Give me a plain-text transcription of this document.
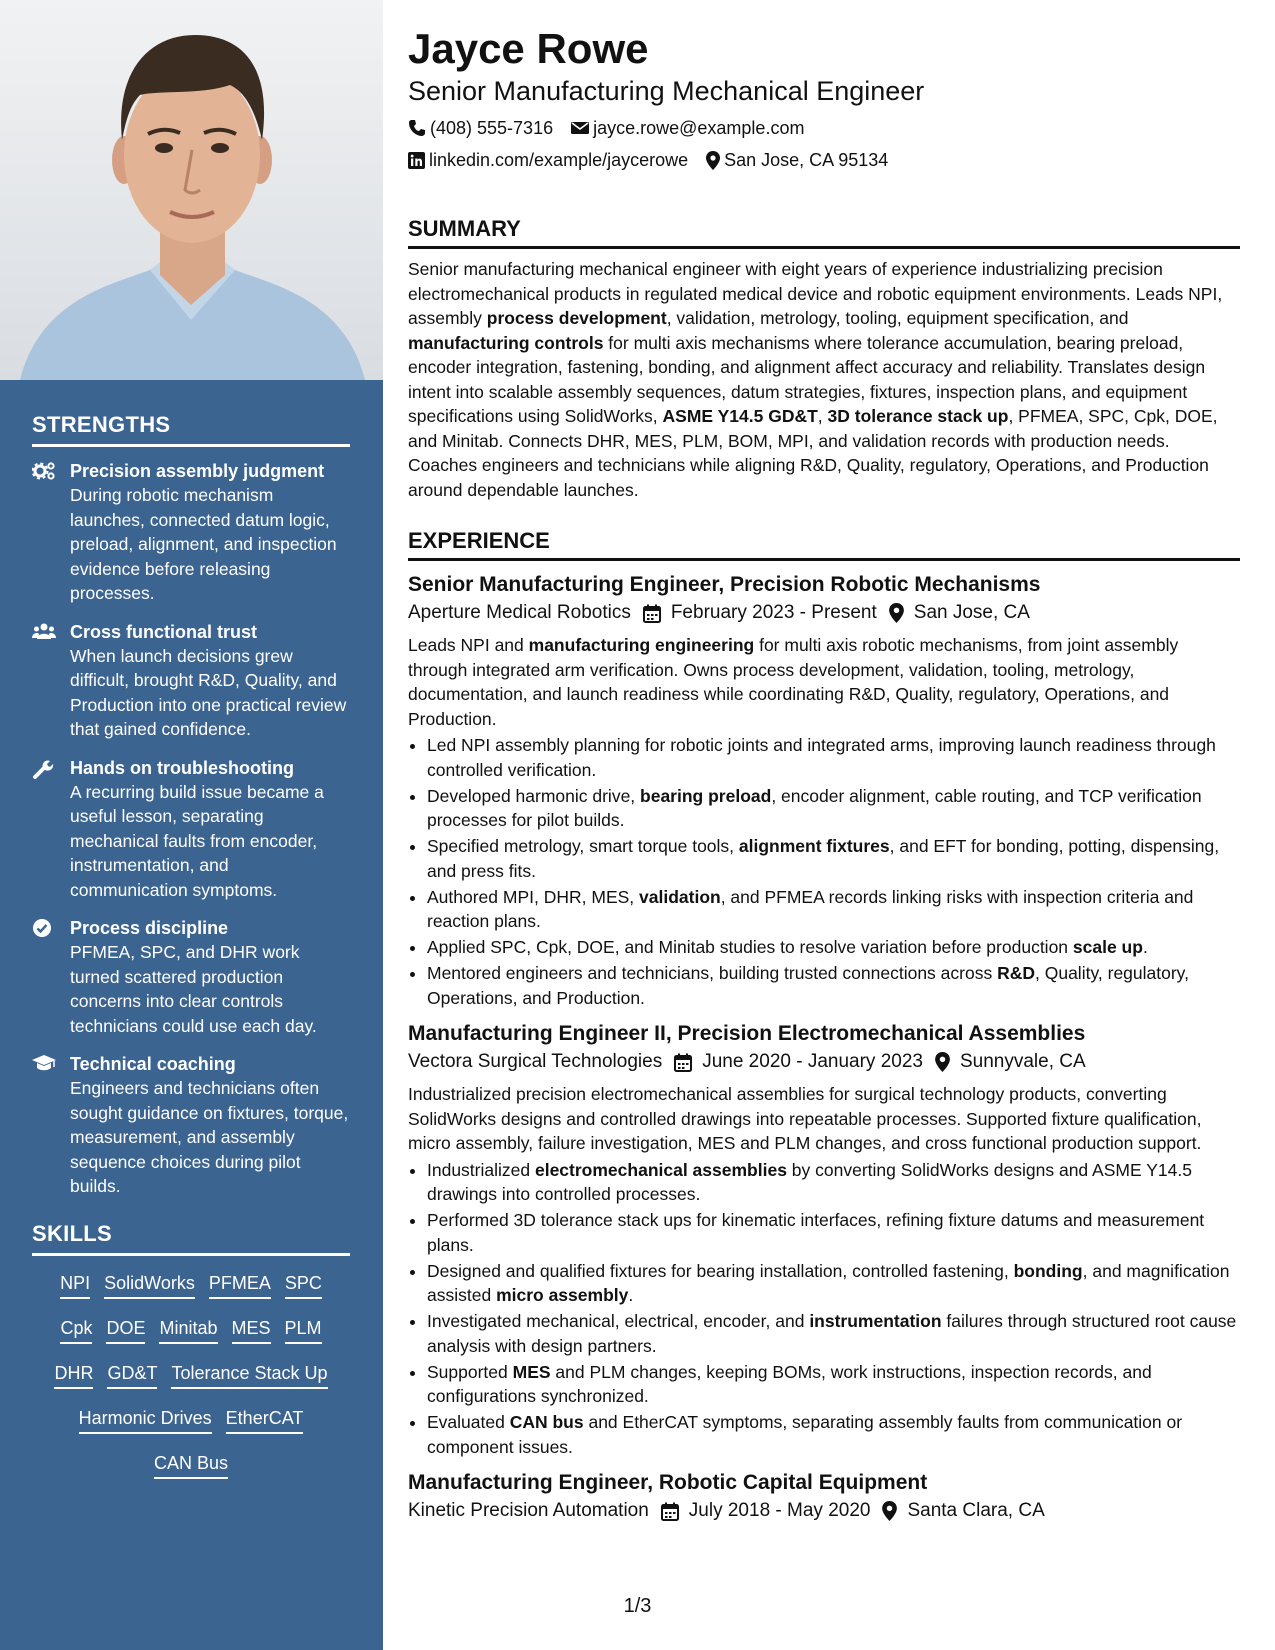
STRENGTHS
Precision assembly judgment
During robotic mechanism launches, connected datum logic, preload, alignment, and inspection evidence before releasing processes.
Cross functional trust
When launch decisions grew difficult, brought R&D, Quality, and Production into one practical review that gained confidence.
Hands on troubleshooting
A recurring build issue became a useful lesson, separating mechanical faults from encoder, instrumentation, and communication symptoms.
Process discipline
PFMEA, SPC, and DHR work turned scattered production concerns into clear controls technicians could use each day.
Technical coaching
Engineers and technicians often sought guidance on fixtures, torque, measurement, and assembly sequence choices during pilot builds.
SKILLS
NPI SolidWorks PFMEA SPC
Cpk DOE Minitab MES PLM
DHR GD&T Tolerance Stack Up
Harmonic Drives EtherCAT
CAN Bus
Jayce Rowe
Senior Manufacturing Mechanical Engineer
(408) 555-7316 jayce.rowe@example.com
linkedin.com/example/jaycerowe San Jose, CA 95134
SUMMARY

Senior manufacturing mechanical engineer with eight years of experience industrializing precision electromechanical products in regulated medical device and robotic equipment environments. Leads NPI, assembly process development, validation, metrology, tooling, equipment specification, and manufacturing controls for multi axis mechanisms where tolerance accumulation, bearing preload, encoder integration, fastening, bonding, and alignment affect accuracy and reliability. Translates design intent into scalable assembly sequences, datum strategies, fixtures, inspection plans, and equipment specifications using SolidWorks, ASME Y14.5 GD&T, 3D tolerance stack up, PFMEA, SPC, Cpk, DOE, and Minitab. Connects DHR, MES, PLM, BOM, MPI, and validation records with production needs. Coaches engineers and technicians while aligning R&D, Quality, regulatory, Operations, and Production around dependable launches.

EXPERIENCE
Senior Manufacturing Engineer, Precision Robotic Mechanisms
Aperture Medical Robotics February 2023 - Present San Jose, CA

Leads NPI and manufacturing engineering for multi axis robotic mechanisms, from joint assembly through integrated arm verification. Owns process development, validation, tooling, metrology, documentation, and launch readiness while coordinating R&D, Quality, regulatory, Operations, and Production.

• Led NPI assembly planning for robotic joints and integrated arms, improving launch readiness through controlled verification.
• Developed harmonic drive, bearing preload, encoder alignment, cable routing, and TCP verification processes for pilot builds.
• Specified metrology, smart torque tools, alignment fixtures, and EFT for bonding, potting, dispensing, and press fits.
• Authored MPI, DHR, MES, validation, and PFMEA records linking risks with inspection criteria and reaction plans.
• Applied SPC, Cpk, DOE, and Minitab studies to resolve variation before production scale up.
• Mentored engineers and technicians, building trusted connections across R&D, Quality, regulatory, Operations, and Production.
Manufacturing Engineer II, Precision Electromechanical Assemblies
Vectora Surgical Technologies June 2020 - January 2023 Sunnyvale, CA

Industrialized precision electromechanical assemblies for surgical technology products, converting SolidWorks designs and controlled drawings into repeatable processes. Supported fixture qualification, micro assembly, failure investigation, MES and PLM changes, and cross functional production support.

• Industrialized electromechanical assemblies by converting SolidWorks designs and ASME Y14.5 drawings into controlled processes.
• Performed 3D tolerance stack ups for kinematic interfaces, refining fixture datums and measurement plans.
• Designed and qualified fixtures for bearing installation, controlled fastening, bonding, and magnification assisted micro assembly.
• Investigated mechanical, electrical, encoder, and instrumentation failures through structured root cause analysis with design partners.
• Supported MES and PLM changes, keeping BOMs, work instructions, inspection records, and configurations synchronized.
• Evaluated CAN bus and EtherCAT symptoms, separating assembly faults from communication or component issues.
Manufacturing Engineer, Robotic Capital Equipment
Kinetic Precision Automation July 2018 - May 2020 Santa Clara, CA
1/3
